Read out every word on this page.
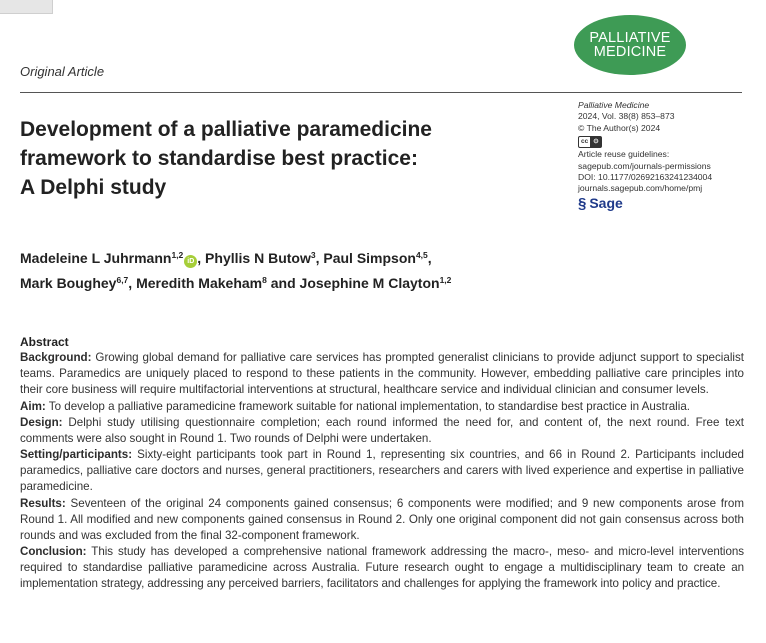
PALLIATIVE
MEDICINE
Original Article
Development of a palliative paramedicine
framework to standardise best practice:
A Delphi study
Palliative Medicine
2024, Vol. 38(8) 853–873
© The Author(s) 2024
cc ⊙
Article reuse guidelines:
sagepub.com/journals-permissions
DOI: 10.1177/02692163241234004
journals.sagepub.com/home/pmj
§ Sage
Madeleine L Juhrmann$^{1,2}$iD , Phyllis N Butow$^3$, Paul Simpson$^{4,5}$,
Mark Boughey$^{6,7}$, Meredith Makeham$^8$ and Josephine M Clayton$^{1,2}$
Abstract

Background: Growing global demand for palliative care services has prompted generalist clinicians to provide adjunct support to specialist teams. Paramedics are uniquely placed to respond to these patients in the community. However, embedding palliative care principles into their core business will require multifactorial interventions at structural, healthcare service and individual clinician and consumer levels.

Aim: To develop a palliative paramedicine framework suitable for national implementation, to standardise best practice in Australia.

Design: Delphi study utilising questionnaire completion; each round informed the need for, and content of, the next round. Free text comments were also sought in Round 1. Two rounds of Delphi were undertaken.

Setting/participants: Sixty-eight participants took part in Round 1, representing six countries, and 66 in Round 2. Participants included paramedics, palliative care doctors and nurses, general practitioners, researchers and carers with lived experience and expertise in palliative paramedicine.

Results: Seventeen of the original 24 components gained consensus; 6 components were modified; and 9 new components arose from Round 1. All modified and new components gained consensus in Round 2. Only one original component did not gain consensus across both rounds and was excluded from the final 32-component framework.

Conclusion: This study has developed a comprehensive national framework addressing the macro-, meso- and micro-level interventions required to standardise palliative paramedicine across Australia. Future research ought to engage a multidisciplinary team to create an implementation strategy, addressing any perceived barriers, facilitators and challenges for applying the framework into policy and practice.
